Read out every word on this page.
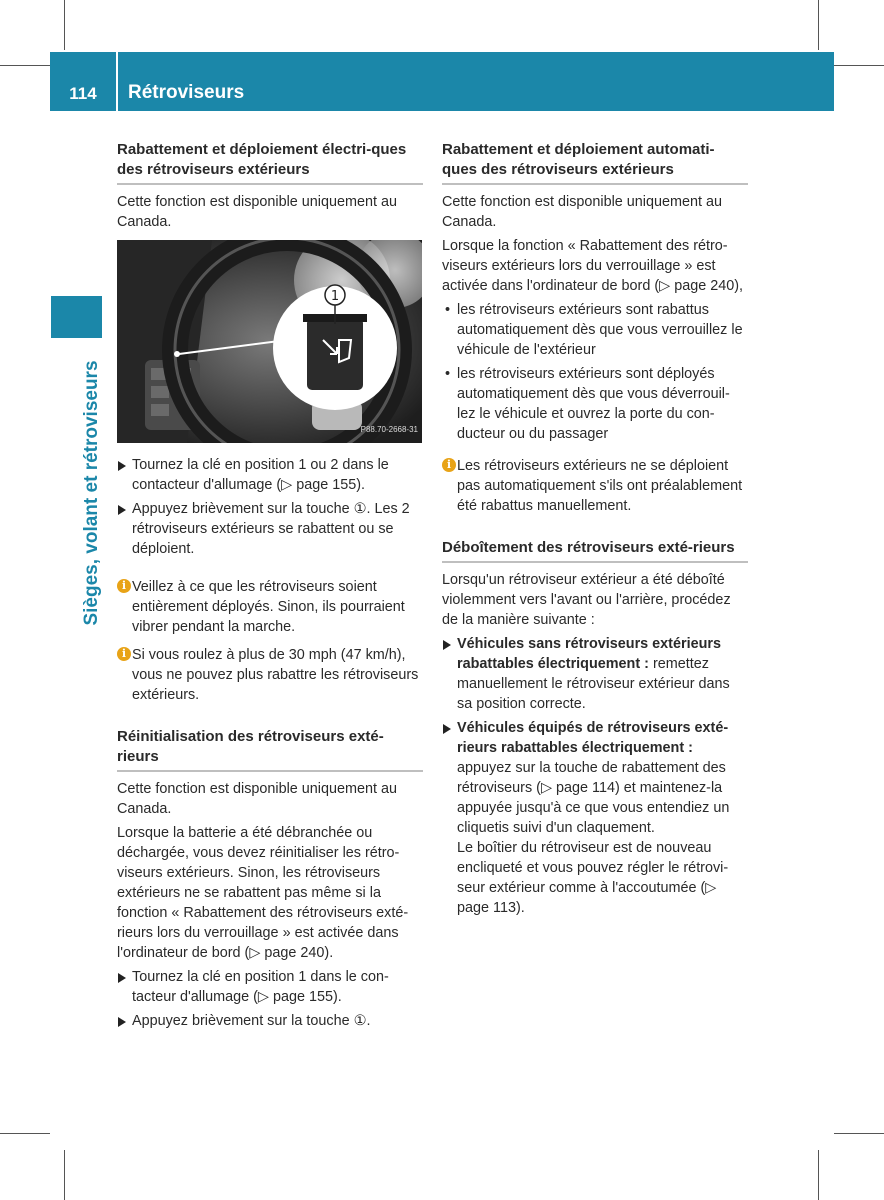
114	Rétroviseurs
Sièges, volant et rétroviseurs
Rabattement et déploiement électri-ques des rétroviseurs extérieurs

Cette fonction est disponible uniquement au Canada.

1
P88.70-2668-31
Tournez la clé en position 1 ou 2 dans le contacteur d'allumage (▷ page 155).
Appuyez brièvement sur la touche ①. Les 2 rétroviseurs extérieurs se rabattent ou se déploient.
i Veillez à ce que les rétroviseurs soient entièrement déployés. Sinon, ils pourraient vibrer pendant la marche.
i Si vous roulez à plus de 30 mph (47 km/h), vous ne pouvez plus rabattre les rétroviseurs extérieurs.
Réinitialisation des rétroviseurs exté-rieurs

Cette fonction est disponible uniquement au Canada.

Lorsque la batterie a été débranchée ou déchargée, vous devez réinitialiser les rétro-viseurs extérieurs. Sinon, les rétroviseurs extérieurs ne se rabattent pas même si la fonction « Rabattement des rétroviseurs exté-rieurs lors du verrouillage » est activée dans l'ordinateur de bord (▷ page 240).

Tournez la clé en position 1 dans le con-tacteur d'allumage (▷ page 155).
Appuyez brièvement sur la touche ①.
Rabattement et déploiement automati-ques des rétroviseurs extérieurs

Cette fonction est disponible uniquement au Canada.

Lorsque la fonction « Rabattement des rétro-viseurs extérieurs lors du verrouillage » est activée dans l'ordinateur de bord (▷ page 240),

• les rétroviseurs extérieurs sont rabattus automatiquement dès que vous verrouillez le véhicule de l'extérieur
• les rétroviseurs extérieurs sont déployés automatiquement dès que vous déverrouil-lez le véhicule et ouvrez la porte du con-ducteur ou du passager
i Les rétroviseurs extérieurs ne se déploient pas automatiquement s'ils ont préalablement été rabattus manuellement.
Déboîtement des rétroviseurs exté-rieurs

Lorsqu'un rétroviseur extérieur a été déboîté violemment vers l'avant ou l'arrière, procédez de la manière suivante :

Véhicules sans rétroviseurs extérieurs rabattables électriquement : remettez manuellement le rétroviseur extérieur dans sa position correcte.
Véhicules équipés de rétroviseurs exté-rieurs rabattables électriquement :
appuyez sur la touche de rabattement des rétroviseurs (▷ page 114) et maintenez-la appuyée jusqu'à ce que vous entendiez un cliquetis suivi d'un claquement.
Le boîtier du rétroviseur est de nouveau encliqueté et vous pouvez régler le rétrovi-seur extérieur comme à l'accoutumée (▷ page 113).
